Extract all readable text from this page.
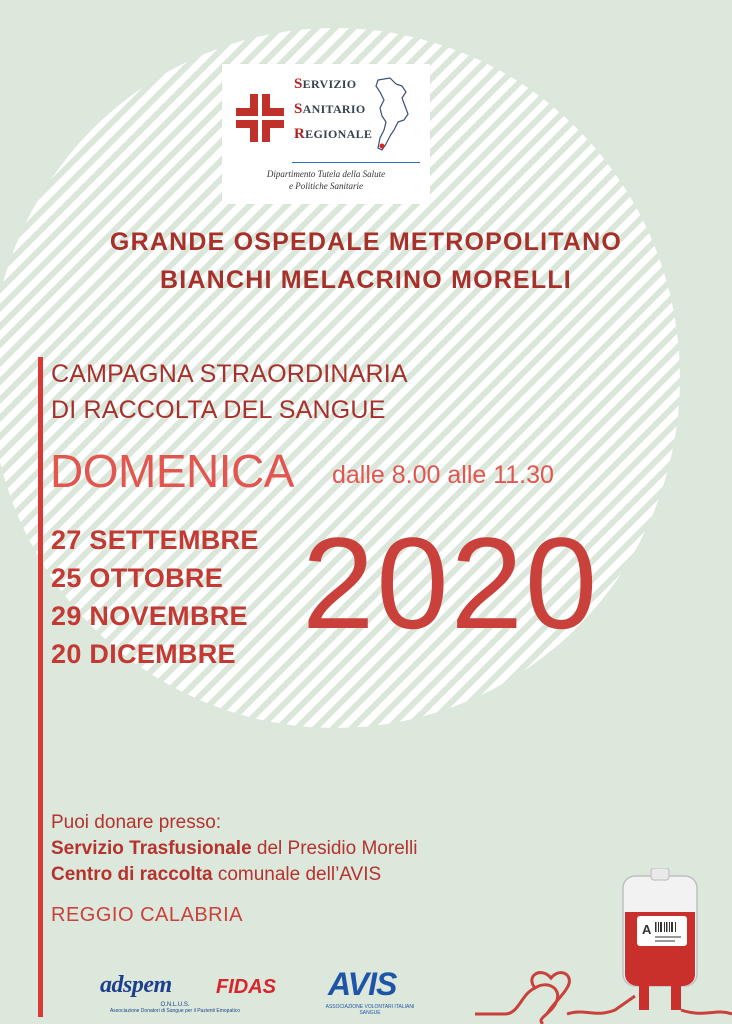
SERVIZIO
SANITARIO
REGIONALE
Dipartimento Tutela della Salute
e Politiche Sanitarie
GRANDE OSPEDALE METROPOLITANO
BIANCHI MELACRINO MORELLI
CAMPAGNA STRAORDINARIA
DI RACCOLTA DEL SANGUE
DOMENICA dalle 8.00 alle 11.30
27 SETTEMBRE
25 OTTOBRE
29 NOVEMBRE
20 DICEMBRE 2020
Puoi donare presso:
Servizio Trasfusionale del Presidio Morelli
Centro di raccolta comunale dell’AVIS
REGGIO CALABRIA
adspem FIDAS
O.N.L.U.S.
Associazione Donatori di Sangue per il Pazienti Emopatico
AVIS
ASSOCIAZIONE VOLONTARI ITALIANI SANGUE
A
